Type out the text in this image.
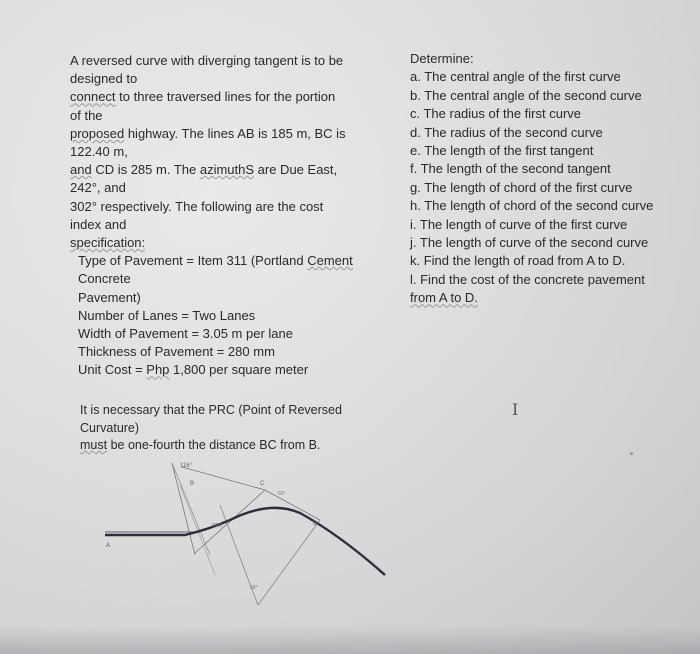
A reversed curve with diverging tangent is to be
designed to
connect to three traversed lines for the portion
of the
proposed highway. The lines AB is 185 m, BC is
122.40 m,
and CD is 285 m. The azimuthS are Due East,
242°, and
302° respectively. The following are the cost
index and
specification:
Type of Pavement = Item 311 (Portland Cement
Concrete
Pavement)
Number of Lanes = Two Lanes
Width of Pavement = 3.05 m per lane
Thickness of Pavement = 280 mm
Unit Cost = Php 1,800 per square meter
It is necessary that the PRC (Point of Reversed
Curvature)
must be one-fourth the distance BC from B.
Determine:
a. The central angle of the first curve
b. The central angle of the second curve
c. The radius of the first curve
d. The radius of the second curve
e. The length of the first tangent
f. The length of the second tangent
g. The length of chord of the first curve
h. The length of chord of the second curve
i. The length of curve of the first curve
j. The length of curve of the second curve
k. Find the length of road from A to D.
l. Find the cost of the concrete pavement
from A to D.
I
116°
A
B	C
D
PRC
60°
58°
